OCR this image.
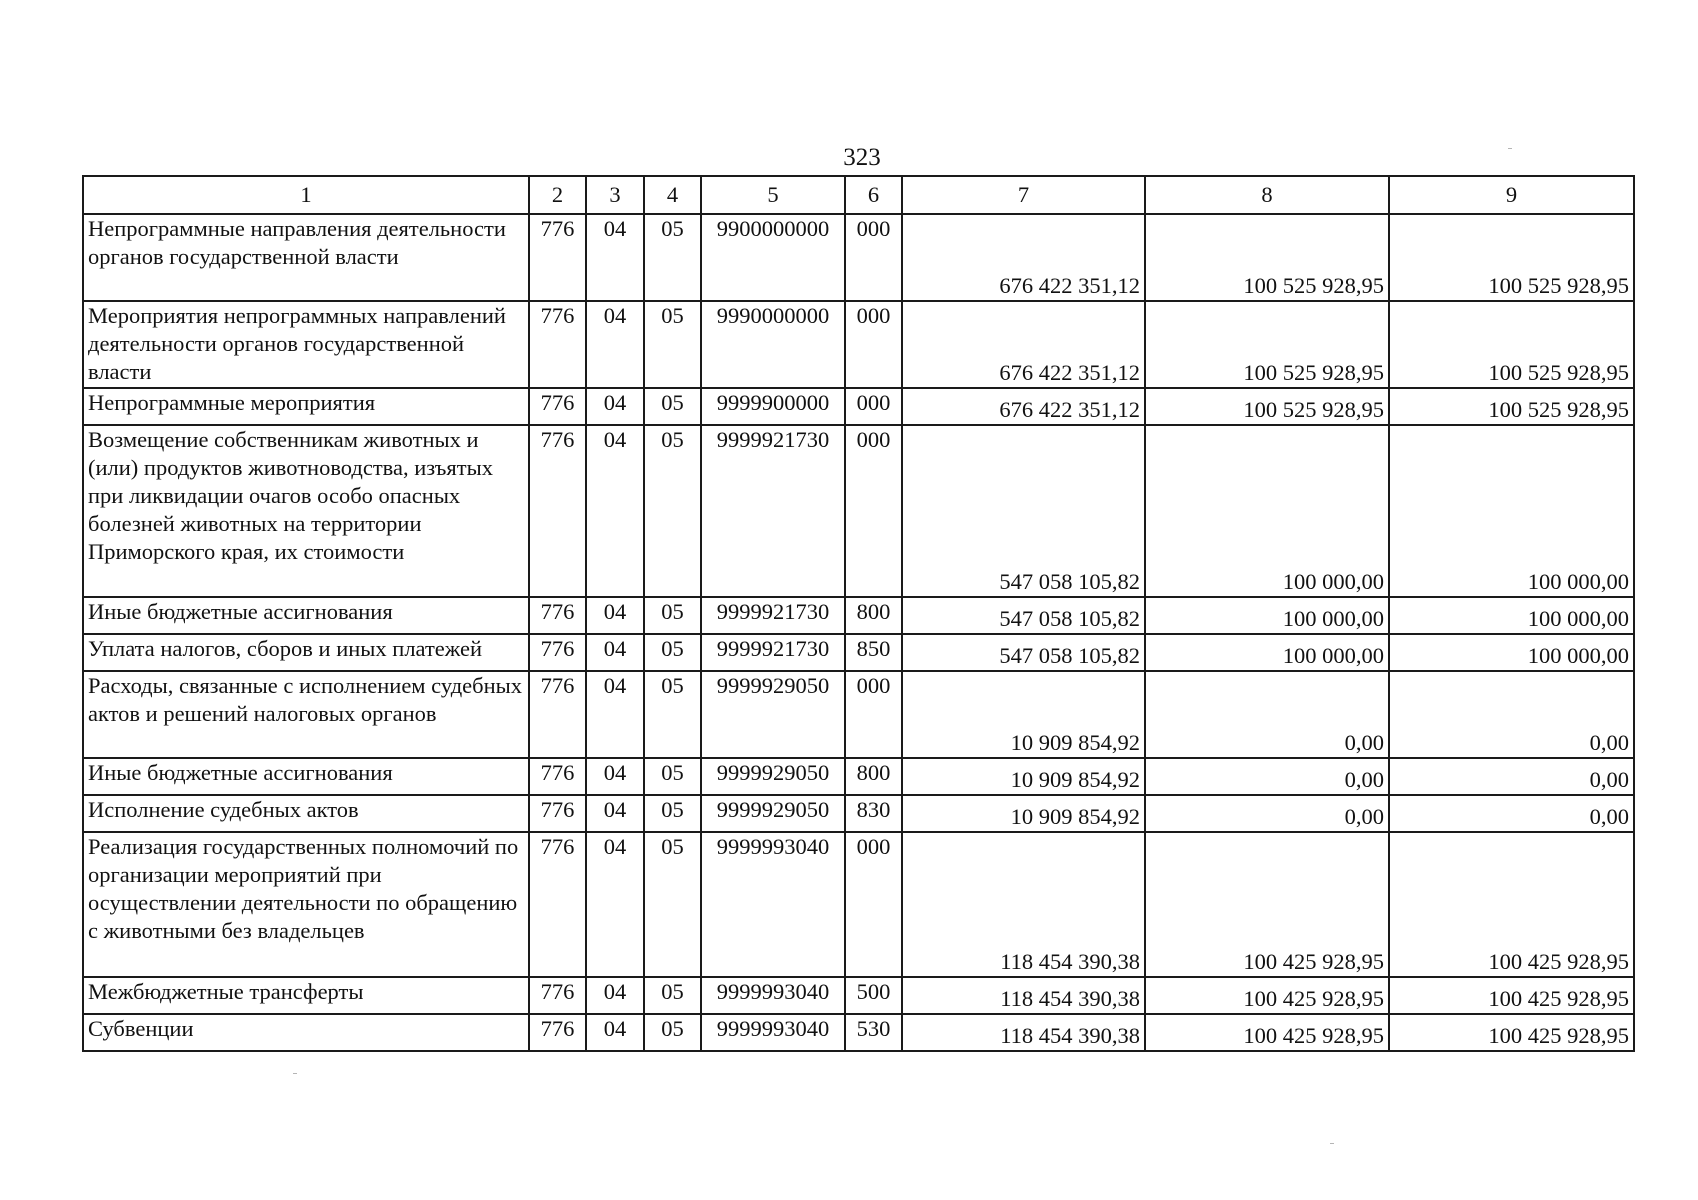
323
1	2	3	4	5	6	7	8	9
Непрограммные направления деятельности органов государственной власти	776	04	05	9900000000	000	676 422 351,12	100 525 928,95	100 525 928,95
Мероприятия непрограммных направлений деятельности органов государственной власти	776	04	05	9990000000	000	676 422 351,12	100 525 928,95	100 525 928,95
Непрограммные мероприятия	776	04	05	9999900000	000	676 422 351,12	100 525 928,95	100 525 928,95
Возмещение собственникам животных и (или) продуктов животноводства, изъятых при ликвидации очагов особо опасных болезней животных на территории Приморского края, их стоимости	776	04	05	9999921730	000	547 058 105,82	100 000,00	100 000,00
Иные бюджетные ассигнования	776	04	05	9999921730	800	547 058 105,82	100 000,00	100 000,00
Уплата налогов, сборов и иных платежей	776	04	05	9999921730	850	547 058 105,82	100 000,00	100 000,00
Расходы, связанные с исполнением судебных актов и решений налоговых органов	776	04	05	9999929050	000	10 909 854,92	0,00	0,00
Иные бюджетные ассигнования	776	04	05	9999929050	800	10 909 854,92	0,00	0,00
Исполнение судебных актов	776	04	05	9999929050	830	10 909 854,92	0,00	0,00
Реализация государственных полномочий по организации мероприятий при осуществлении деятельности по обращению с животными без владельцев	776	04	05	9999993040	000	118 454 390,38	100 425 928,95	100 425 928,95
Межбюджетные трансферты	776	04	05	9999993040	500	118 454 390,38	100 425 928,95	100 425 928,95
Субвенции	776	04	05	9999993040	530	118 454 390,38	100 425 928,95	100 425 928,95
